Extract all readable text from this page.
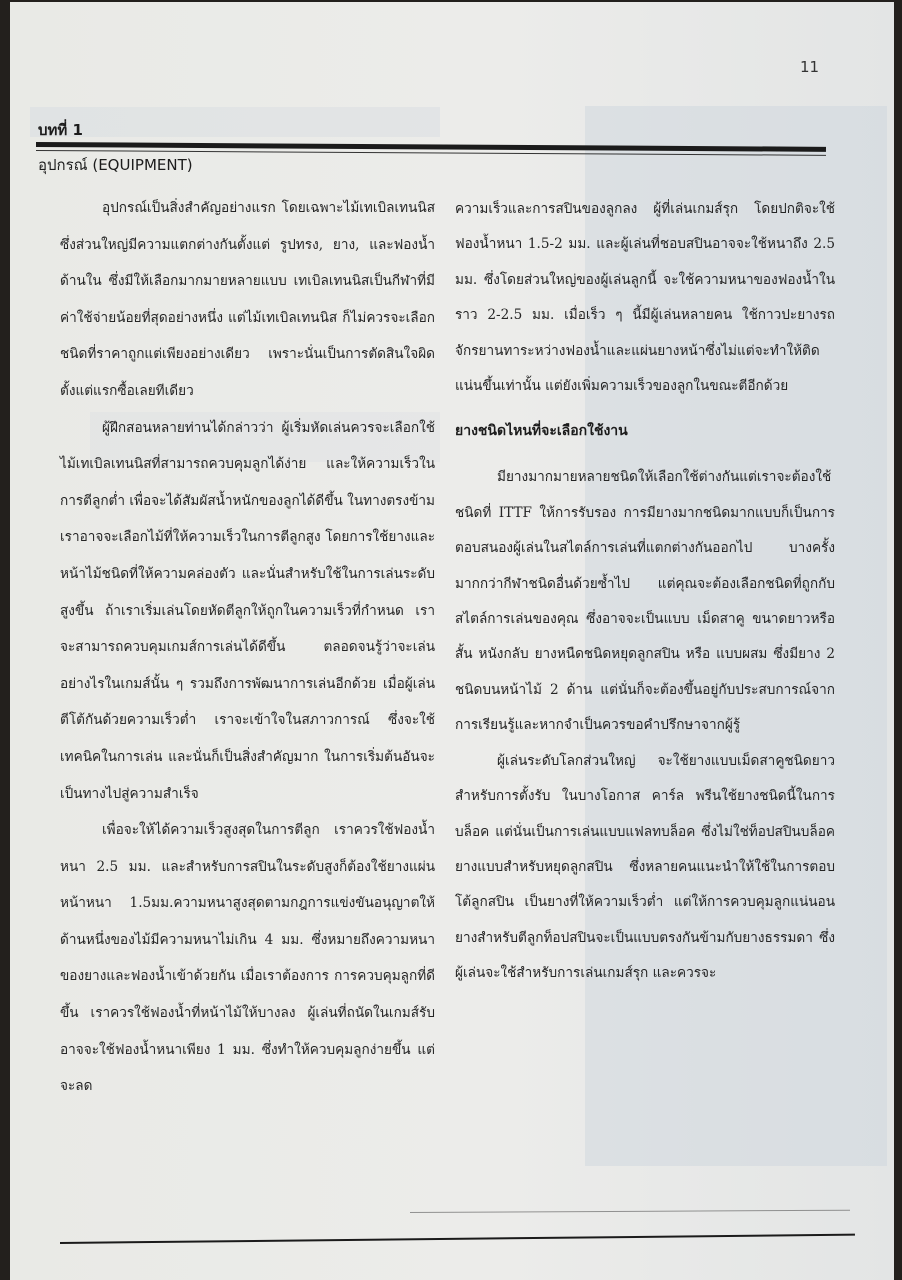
11
บทที่ 1
อุปกรณ์ (EQUIPMENT)

อุปกรณ์เป็นสิ่งสำคัญอย่างแรก โดยเฉพาะไม้เทเบิลเทนนิส ซึ่งส่วนใหญ่มีความแตกต่างกันตั้งแต่ รูปทรง, ยาง, และฟองน้ำด้านใน ซึ่งมีให้เลือกมากมายหลายแบบ เทเบิลเทนนิสเป็นกีฬาที่มีค่าใช้จ่ายน้อยที่สุดอย่างหนึ่ง แต่ไม้เทเบิลเทนนิส ก็ไม่ควรจะเลือกชนิดที่ราคาถูกแต่เพียงอย่างเดียว เพราะนั่นเป็นการตัดสินใจผิดตั้งแต่แรกซื้อเลยทีเดียว

ผู้ฝึกสอนหลายท่านได้กล่าวว่า ผู้เริ่มหัดเล่นควรจะเลือกใช้ไม้เทเบิลเทนนิสที่สามารถควบคุมลูกได้ง่าย และให้ความเร็วในการตีลูกต่ำ เพื่อจะได้สัมผัสน้ำหนักของลูกได้ดีขึ้น ในทางตรงข้ามเราอาจจะเลือกไม้ที่ให้ความเร็วในการตีลูกสูง โดยการใช้ยางและหน้าไม้ชนิดที่ให้ความคล่องตัว และนั่นสำหรับใช้ในการเล่นระดับสูงขึ้น ถ้าเราเริ่มเล่นโดยหัดตีลูกให้ถูกในความเร็วที่กำหนด เราจะสามารถควบคุมเกมส์การเล่นได้ดีขึ้น ตลอดจนรู้ว่าจะเล่นอย่างไรในเกมส์นั้น ๆ รวมถึงการพัฒนาการเล่นอีกด้วย เมื่อผู้เล่น ตีโต้กันด้วยความเร็วต่ำ เราจะเข้าใจในสภาวการณ์ ซึ่งจะใช้เทคนิคในการเล่น และนั่นก็เป็นสิ่งสำคัญมาก ในการเริ่มต้นอันจะเป็นทางไปสู่ความสำเร็จ

เพื่อจะให้ได้ความเร็วสูงสุดในการตีลูก เราควรใช้ฟองน้ำหนา 2.5 มม. และสำหรับการสปินในระดับสูงก็ต้องใช้ยางแผ่นหน้าหนา 1.5มม.ความหนาสูงสุดตามกฎการแข่งขันอนุญาตให้ด้านหนึ่งของไม้มีความหนาไม่เกิน 4 มม. ซึ่งหมายถึงความหนาของยางและฟองน้ำเข้าด้วยกัน เมื่อเราต้องการ การควบคุมลูกที่ดีขึ้น เราควรใช้ฟองน้ำที่หน้าไม้ให้บางลง ผู้เล่นที่ถนัดในเกมส์รับอาจจะใช้ฟองน้ำหนาเพียง 1 มม. ซึ่งทำให้ควบคุมลูกง่ายขึ้น แต่จะลด

ความเร็วและการสปินของลูกลง ผู้ที่เล่นเกมส์รุก โดยปกติจะใช้ฟองน้ำหนา 1.5-2 มม. และผู้เล่นที่ชอบสปินอาจจะใช้หนาถึง 2.5 มม. ซึ่งโดยส่วนใหญ่ของผู้เล่นลูกนี้ จะใช้ความหนาของฟองน้ำในราว 2-2.5 มม. เมื่อเร็ว ๆ นี้มีผู้เล่นหลายคน ใช้กาวปะยางรถจักรยานทาระหว่างฟองน้ำและแผ่นยางหน้าซึ่งไม่แต่จะทำให้ติดแน่นขึ้นเท่านั้น แต่ยังเพิ่มความเร็วของลูกในขณะตีอีกด้วย

ยางชนิดไหนที่จะเลือกใช้งาน

มียางมากมายหลายชนิดให้เลือกใช้ต่างกันแต่เราจะต้องใช้ชนิดที่ ITTF ให้การรับรอง การมียางมากชนิดมากแบบก็เป็นการตอบสนองผู้เล่นในสไตล์การเล่นที่แตกต่างกันออกไป บางครั้งมากกว่ากีฬาชนิดอื่นด้วยซ้ำไป แต่คุณจะต้องเลือกชนิดที่ถูกกับสไตล์การเล่นของคุณ ซึ่งอาจจะเป็นแบบ เม็ดสาคู ขนาดยาวหรือสั้น หนังกลับ ยางหนืดชนิดหยุดลูกสปิน หรือ แบบผสม ซึ่งมียาง 2 ชนิดบนหน้าไม้ 2 ด้าน แต่นั่นก็จะต้องขึ้นอยู่กับประสบการณ์จากการเรียนรู้และหากจำเป็นควรขอคำปรึกษาจากผู้รู้

ผู้เล่นระดับโลกส่วนใหญ่ จะใช้ยางแบบเม็ดสาคูชนิดยาวสำหรับการตั้งรับ ในบางโอกาส คาร์ล พรีนใช้ยางชนิดนี้ในการบล็อค แต่นั่นเป็นการเล่นแบบแฟลทบล็อค ซึ่งไม่ใช่ท็อปสปินบล็อค ยางแบบสำหรับหยุดลูกสปิน ซึ่งหลายคนแนะนำให้ใช้ในการตอบโต้ลูกสปิน เป็นยางที่ให้ความเร็วต่ำ แต่ให้การควบคุมลูกแน่นอน ยางสำหรับตีลูกท็อปสปินจะเป็นแบบตรงกันข้ามกับยางธรรมดา ซึ่งผู้เล่นจะใช้สำหรับการเล่นเกมส์รุก และควรจะ
